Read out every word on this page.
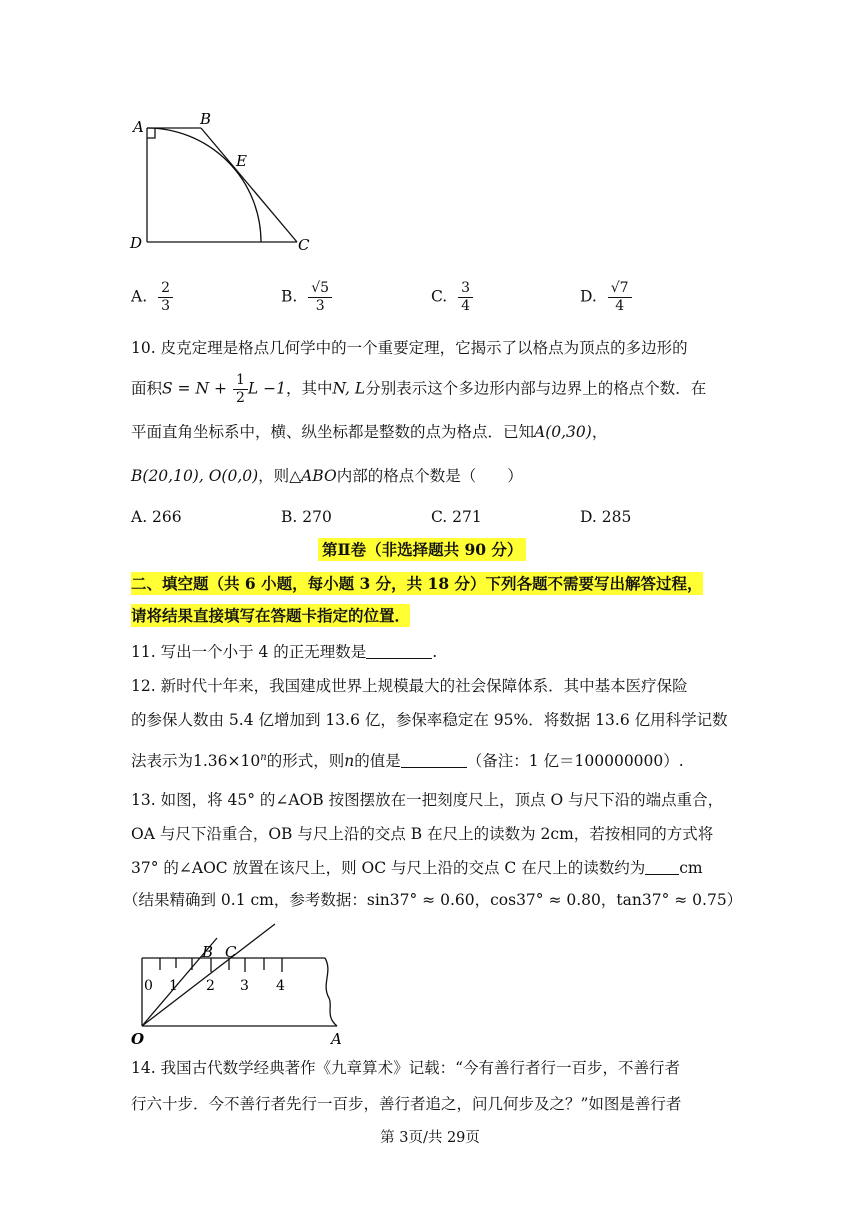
A	B
E
D	C
A. $\frac{2}{3}$	B. $\frac{√5}{3}$	C. $\frac{3}{4}$	D. $\frac{√7}{4}$
10. 皮克定理是格点几何学中的一个重要定理，它揭示了以格点为顶点的多边形的
面积$S = N + \frac{1}{2}$ L −1，其中N, L分别表示这个多边形内部与边界上的格点个数．在
平面直角坐标系中，横、纵坐标都是整数的点为格点．已知A(0,30)，
B(20,10), O(0,0)，则△ABO内部的格点个数是（　　）
A. 266	B. 270	C. 271	D. 285
第Ⅱ卷（非选择题共 90 分）
二、填空题（共 6 小题，每小题 3 分，共 18 分）下列各题不需要写出解答过程，
请将结果直接填写在答题卡指定的位置．
11. 写出一个小于 4 的正无理数是	.
12. 新时代十年来，我国建成世界上规模最大的社会保障体系．其中基本医疗保险
的参保人数由 5.4 亿增加到 13.6 亿，参保率稳定在 95%．将数据 13.6 亿用科学记数
法表示为$1.36\times 10^n$的形式，则n的值是	（备注：1 亿＝100000000）.
13. 如图，将 45° 的∠AOB 按图摆放在一把刻度尺上，顶点 O 与尺下沿的端点重合，
OA 与尺下沿重合，OB 与尺上沿的交点 B 在尺上的读数为 2cm，若按相同的方式将
37° 的∠AOC 放置在该尺上，则 OC 与尺上沿的交点 C 在尺上的读数约为 cm
（结果精确到 0.1 cm，参考数据：sin37° ≈ 0.60，cos37° ≈ 0.80，tan37° ≈ 0.75）
0 1 2 3 4
B C
O	A
14. 我国古代数学经典著作《九章算术》记载：“今有善行者行一百步，不善行者
行六十步．今不善行者先行一百步，善行者追之，问几何步及之？”如图是善行者
第 3页/共 29页
